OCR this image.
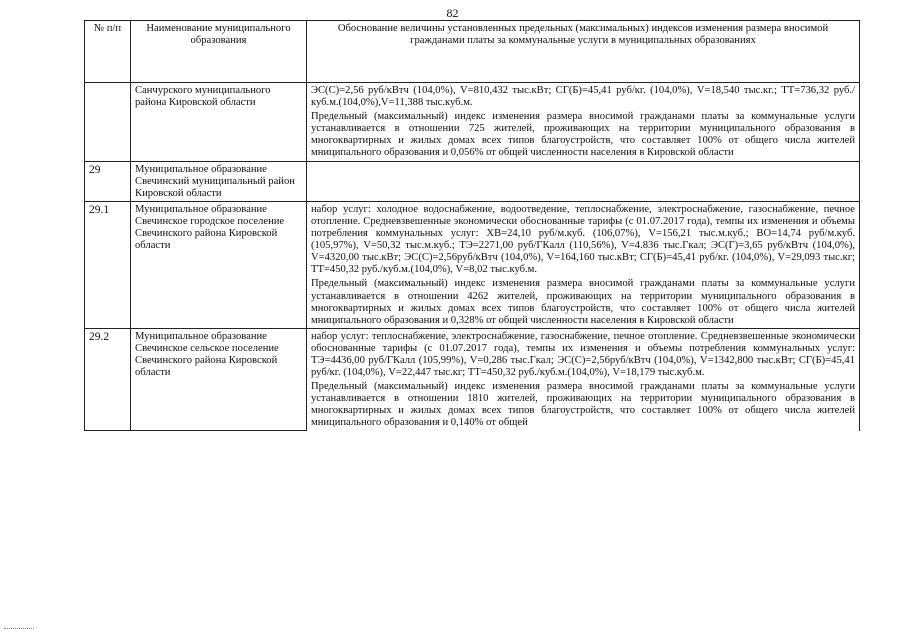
82
№ п/п	Наименование муниципального образования	Обоснование величины установленных предельных (максимальных) индексов изменения размера вносимой гражданами платы за коммунальные услуги в муниципальных образованиях
	Санчурского муниципального района Кировской области	ЭС(С)=2,56 руб/кВтч (104,0%), V=810,432 тыс.кВт; СГ(Б)=45,41 руб/кг. (104,0%), V=18,540 тыс.кг.; ТТ=736,32 руб./куб.м.(104,0%),V=11,388 тыс.куб.м.
Предельный (максимальный) индекс изменения размера вносимой гражданами платы за коммунальные услуги устанавливается в отношении 725 жителей, проживающих на территории муниципального образования в многоквартирных и жилых домах всех типов благоустройств, что составляет 100% от общего числа жителей мниципального образования и 0,056% от общей численности населения в Кировской области

29	Муниципальное образование Свечинский муниципальный район Кировской области	
29.1	Муниципальное образование Свечинское городское поселение Свечинского района Кировской области	набор услуг: холодное водоснабжение, водоотведение, теплоснабжение, электроснабжение, газоснабжение, печное отопление. Средневзвешенные экономически обоснованные тарифы (с 01.07.2017 года), темпы их изменения и объемы потребления коммунальных услуг: ХВ=24,10 руб/м.куб. (106,07%), V=156,21 тыс.м.куб.; ВО=14,74 руб/м.куб. (105,97%), V=50,32 тыс.м.куб.; ТЭ=2271,00 руб/ГКалл (110,56%), V=4.836 тыс.Гкал; ЭС(Г)=3,65 руб/кВтч (104,0%), V=4320,00 тыс.кВт; ЭС(С)=2,56руб/кВтч (104,0%), V=164,160 тыс.кВт; СГ(Б)=45,41 руб/кг. (104,0%), V=29,093 тыс.кг; ТТ=450,32 руб./куб.м.(104,0%), V=8,02 тыс.куб.м.
Предельный (максимальный) индекс изменения размера вносимой гражданами платы за коммунальные услуги устанавливается в отношении 4262 жителей, проживающих на территории муниципального образования в многоквартирных и жилых домах всех типов благоустройств, что составляет 100% от общего числа жителей мниципального образования и 0,328% от общей численности населения в Кировской области

29.2	Муниципальное образование Свечинское сельское поселение Свечинского района Кировской области	набор услуг: теплоснабжение, электроснабжение, газоснабжение, печное отопление. Средневзвешенные экономически обоснованные тарифы (с 01.07.2017 года), темпы их изменения и объемы потребления коммунальных услуг: ТЭ=4436,00 руб/ГКалл (105,99%), V=0,286 тыс.Гкал; ЭС(С)=2,56руб/кВтч (104,0%), V=1342,800 тыс.кВт; СГ(Б)=45,41 руб/кг. (104,0%), V=22,447 тыс.кг; ТТ=450,32 руб./куб.м.(104,0%), V=18,179 тыс.куб.м.
Предельный (максимальный) индекс изменения размера вносимой гражданами платы за коммунальные услуги устанавливается в отношении 1810 жителей, проживающих на территории муниципального образования в многоквартирных и жилых домах всех типов благоустройств, что составляет 100% от общего числа жителей мниципального образования и 0,140% от общей
